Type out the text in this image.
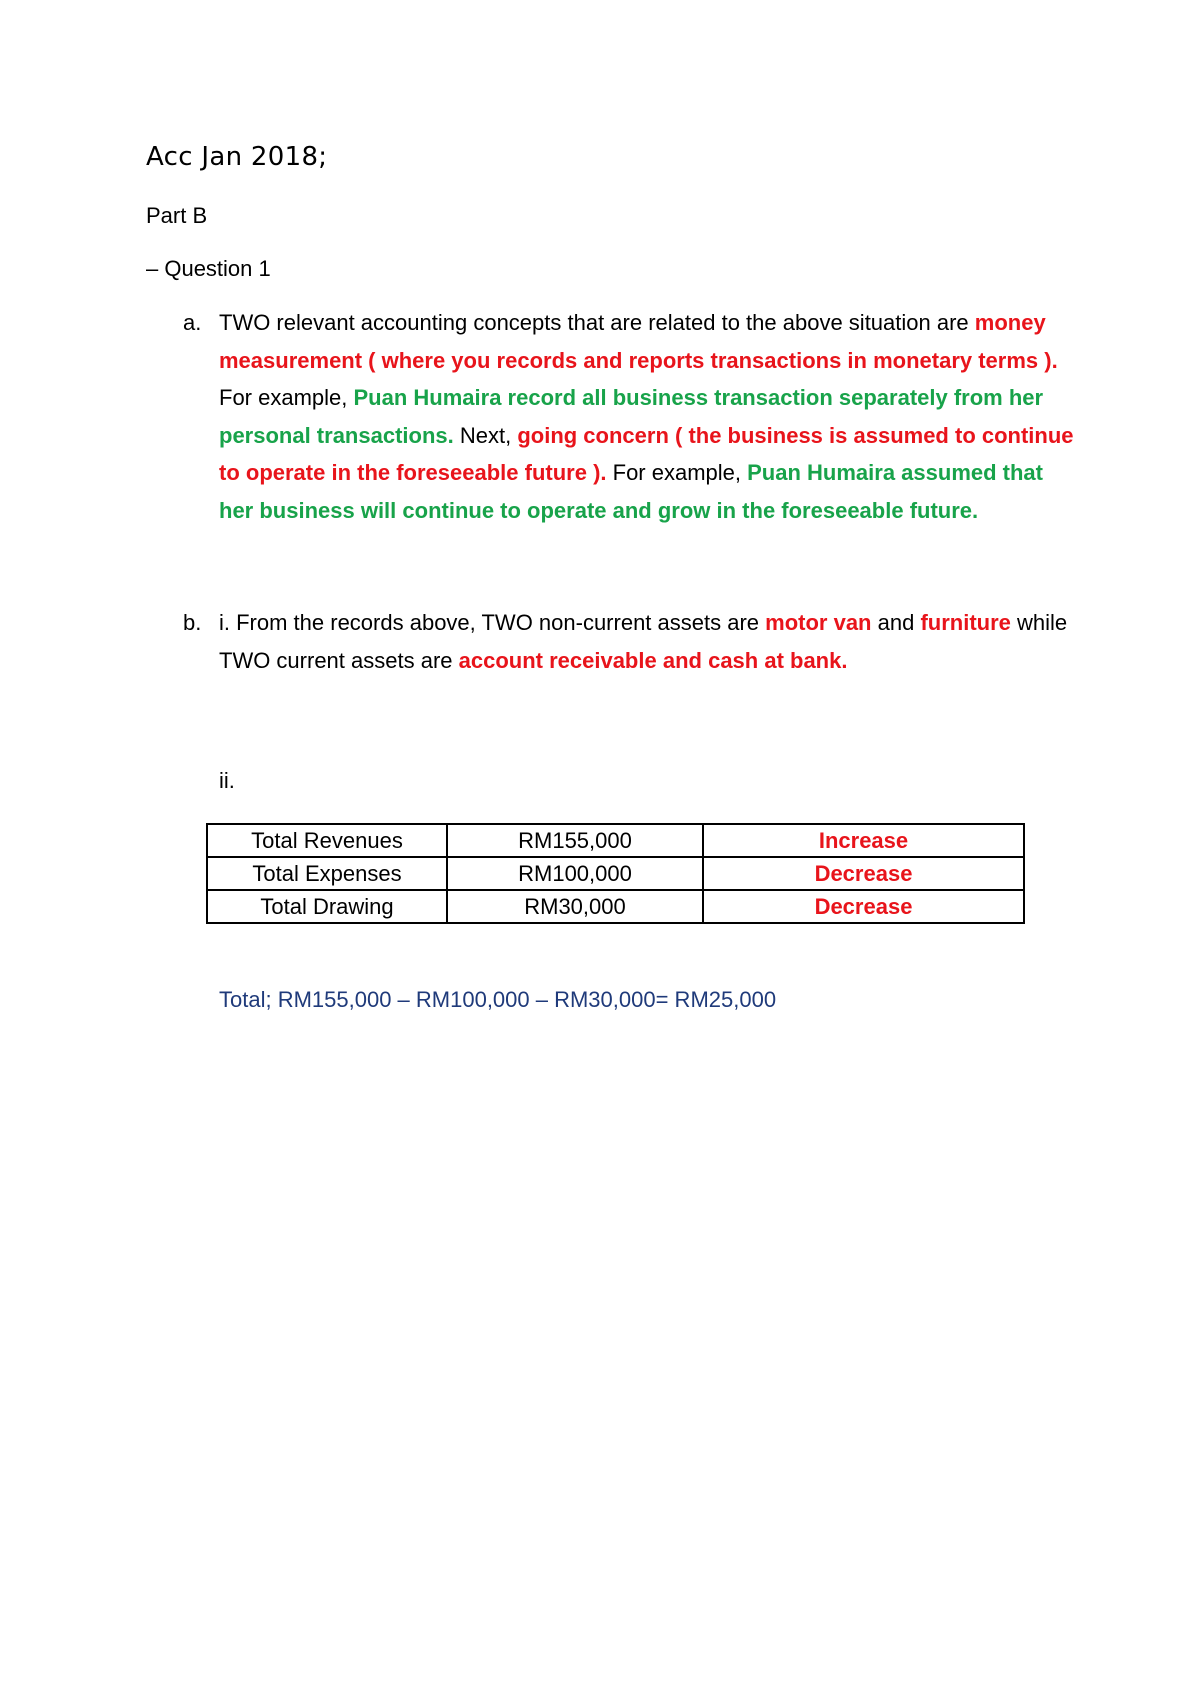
Acc Jan 2018;
Part B
– Question 1
a. TWO relevant accounting concepts that are related to the above situation are money measurement ( where you records and reports transactions in monetary terms ). For example, Puan Humaira record all business transaction separately from her personal transactions. Next, going concern ( the business is assumed to continue to operate in the foreseeable future ). For example, Puan Humaira assumed that her business will continue to operate and grow in the foreseeable future.
b. i. From the records above, TWO non-current assets are motor van and furniture while TWO current assets are account receivable and cash at bank.
ii.
Total Revenues	RM155,000	Increase
Total Expenses	RM100,000	Decrease
Total Drawing	RM30,000	Decrease
Total; RM155,000 – RM100,000 – RM30,000= RM25,000
